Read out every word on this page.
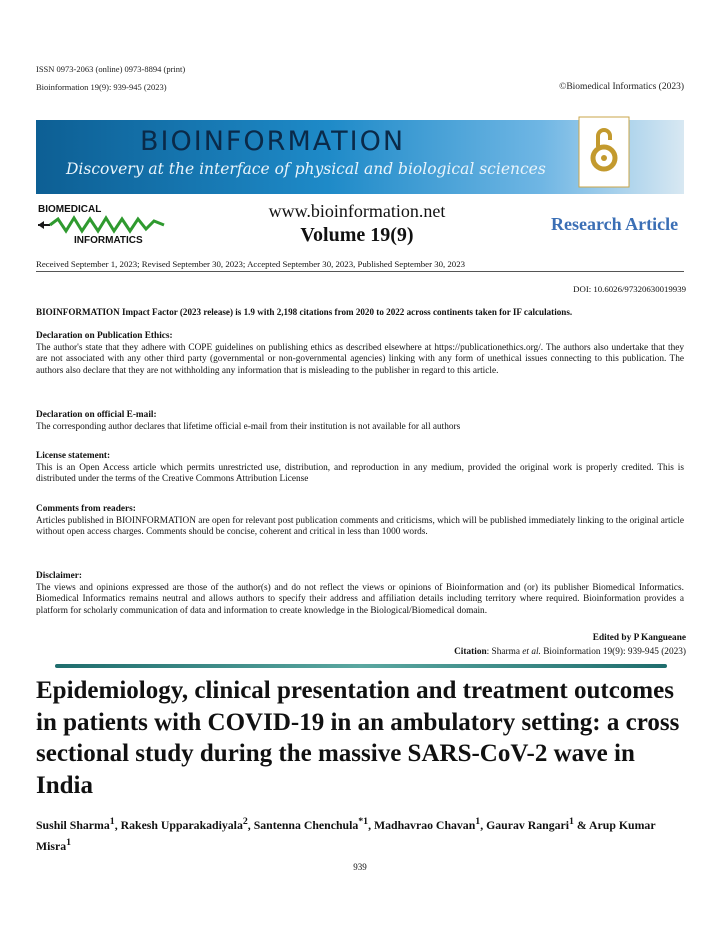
ISSN 0973-2063 (online) 0973-8894 (print)
Bioinformation 19(9): 939-945 (2023)	©Biomedical Informatics (2023)
BIOINFORMATION
Discovery at the interface of physical and biological sciences
BIOMEDICAL
INFORMATICS
www.bioinformation.net
Volume 19(9)	Research Article
Received September 1, 2023; Revised September 30, 2023; Accepted September 30, 2023, Published September 30, 2023
DOI: 10.6026/97320630019939
BIOINFORMATION Impact Factor (2023 release) is 1.9 with 2,198 citations from 2020 to 2022 across continents taken for IF calculations.
Declaration on Publication Ethics:
The author's state that they adhere with COPE guidelines on publishing ethics as described elsewhere at https://publicationethics.org/. The authors also undertake that they are not associated with any other third party (governmental or non-governmental agencies) linking with any form of unethical issues connecting to this publication. The authors also declare that they are not withholding any information that is misleading to the publisher in regard to this article.
Declaration on official E-mail:
The corresponding author declares that lifetime official e-mail from their institution is not available for all authors
License statement:
This is an Open Access article which permits unrestricted use, distribution, and reproduction in any medium, provided the original work is properly credited. This is distributed under the terms of the Creative Commons Attribution License
Comments from readers:
Articles published in BIOINFORMATION are open for relevant post publication comments and criticisms, which will be published immediately linking to the original article without open access charges. Comments should be concise, coherent and critical in less than 1000 words.
Disclaimer:
The views and opinions expressed are those of the author(s) and do not reflect the views or opinions of Bioinformation and (or) its publisher Biomedical Informatics. Biomedical Informatics remains neutral and allows authors to specify their address and affiliation details including territory where required. Bioinformation provides a platform for scholarly communication of data and information to create knowledge in the Biological/Biomedical domain.
Edited by P Kangueane
Citation: Sharma et al. Bioinformation 19(9): 939-945 (2023)
Epidemiology, clinical presentation and treatment outcomes in patients with COVID-19 in an ambulatory setting: a cross sectional study during the massive SARS-CoV-2 wave in India
Sushil Sharma$^1$, Rakesh Upparakadiyala$^2$, Santenna Chenchula$^{*1}$, Madhavrao Chavan$^1$, Gaurav Rangari$^1$ & Arup Kumar Misra$^1$
939
